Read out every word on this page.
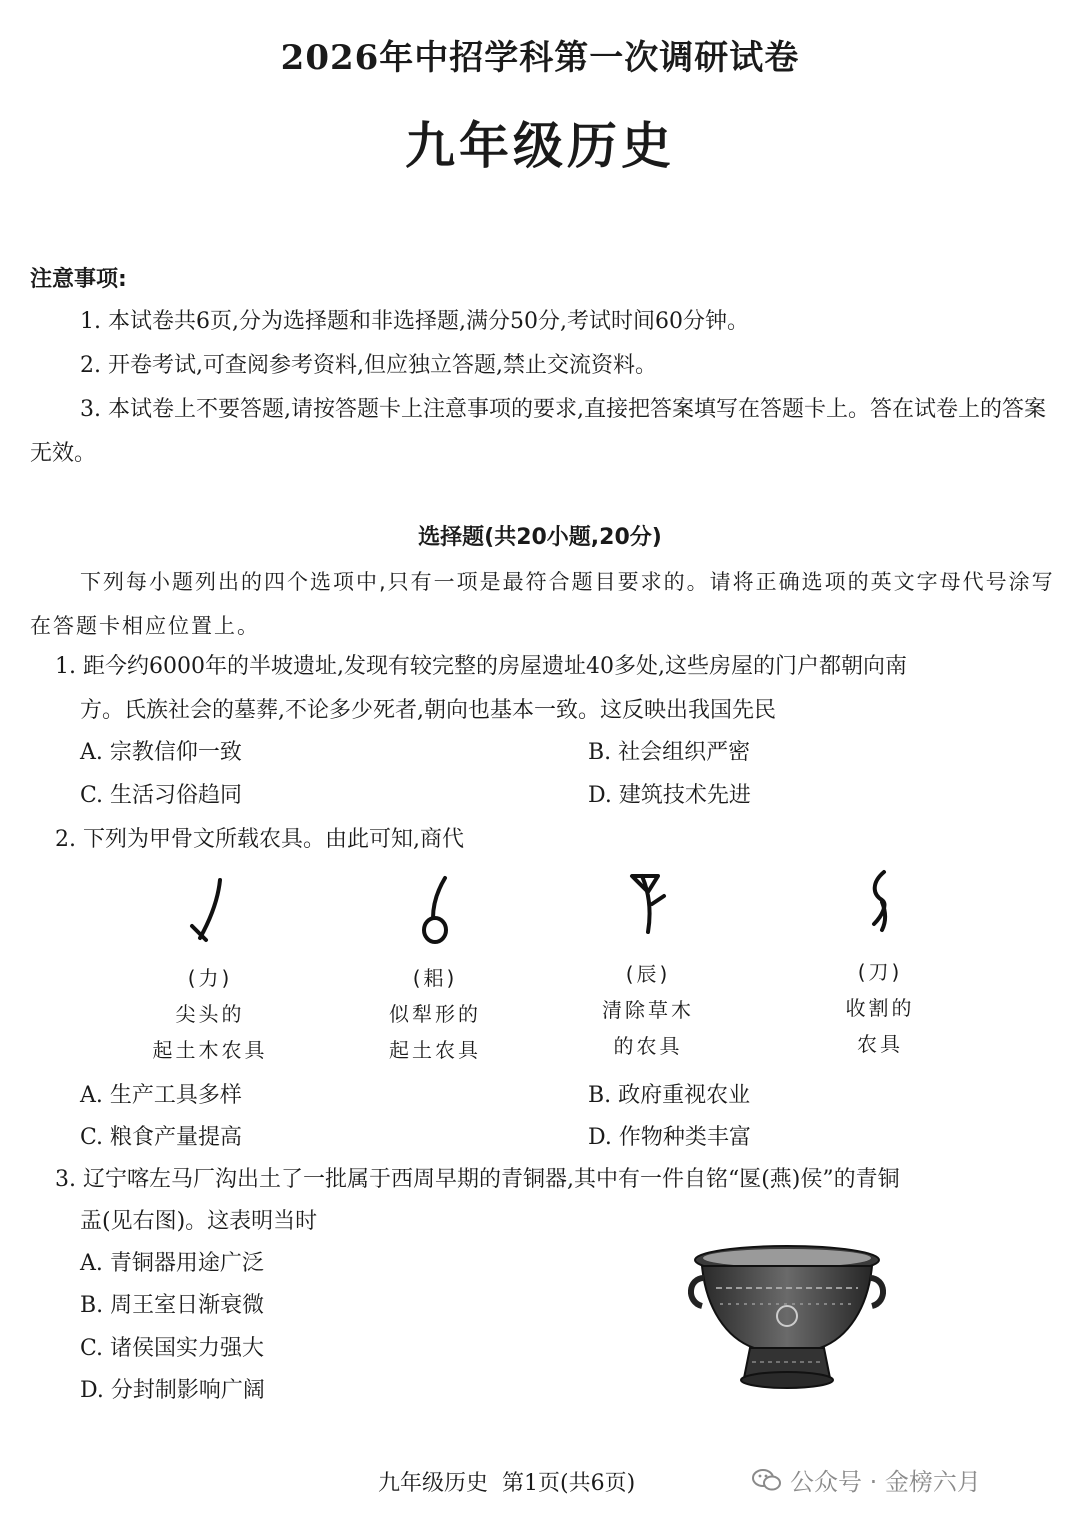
2026年中招学科第一次调研试卷
九年级历史
注意事项:
1. 本试卷共6页,分为选择题和非选择题,满分50分,考试时间60分钟。
2. 开卷考试,可查阅参考资料,但应独立答题,禁止交流资料。
3. 本试卷上不要答题,请按答题卡上注意事项的要求,直接把答案填写在答题卡上。答在试卷上的答案无效。
选择题(共20小题,20分)
下列每小题列出的四个选项中,只有一项是最符合题目要求的。请将正确选项的英文字母代号涂写在答题卡相应位置上。
1. 距今约6000年的半坡遗址,发现有较完整的房屋遗址40多处,这些房屋的门户都朝向南
方。氏族社会的墓葬,不论多少死者,朝向也基本一致。这反映出我国先民
A. 宗教信仰一致	B. 社会组织严密
C. 生活习俗趋同	D. 建筑技术先进
2. 下列为甲骨文所载农具。由此可知,商代
(力)
尖头的
起土木农具
(耜)
似犁形的
起土农具
(辰)
清除草木
的农具
(刀)
收割的
农具
A. 生产工具多样	B. 政府重视农业
C. 粮食产量提高	D. 作物种类丰富
3. 辽宁喀左马厂沟出土了一批属于西周早期的青铜器,其中有一件自铭“匽(燕)侯”的青铜
盂(见右图)。这表明当时
A. 青铜器用途广泛
B. 周王室日渐衰微
C. 诸侯国实力强大
D. 分封制影响广阔
九年级历史  第1页(共6页)	公众号 · 金榜六月
